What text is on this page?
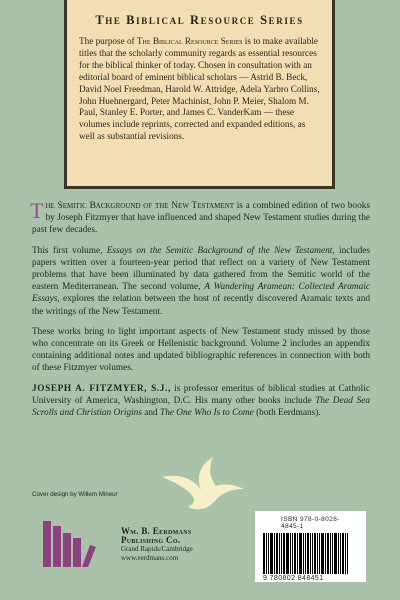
The Biblical Resource Series

The purpose of The Biblical Resource Series is to make available titles that the scholarly community regards as essential resources for the biblical thinker of today. Chosen in consultation with an editorial board of eminent biblical scholars — Astrid B. Beck, David Noel Freedman, Harold W. Attridge, Adela Yarbro Collins, John Huehnergard, Peter Machinist, John P. Meier, Shalom M. Paul, Stanley E. Porter, and James C. VanderKam — these volumes include reprints, corrected and expanded editions, as well as substantial revisions.

The Semitic Background of the New Testament is a combined edition of two books by Joseph Fitzmyer that have influenced and shaped New Testament studies during the past few decades.

This first volume, Essays on the Semitic Background of the New Testament, includes papers written over a fourteen-year period that reflect on a variety of New Testament problems that have been illuminated by data gathered from the Semitic world of the eastern Mediterranean. The second volume, A Wandering Aramean: Collected Aramaic Essays, explores the relation between the host of recently discovered Aramaic texts and the writings of the New Testament.

These works bring to light important aspects of New Testament study missed by those who concentrate on its Greek or Hellenistic background. Volume 2 includes an appendix containing additional notes and updated bibliographic references in connection with both of these Fitzmyer volumes.

JOSEPH A. FITZMYER, S.J., is professor emeritus of biblical studies at Catholic University of America, Washington, D.C. His many other books include The Dead Sea Scrolls and Christian Origins and The One Who Is to Come (both Eerdmans).

Cover design by Willem Mineur
Wm. B. Eerdmans
Publishing Co.
Grand Rapids/Cambridge
www.eerdmans.com
ISBN 978-0-8028-4845-1
9 780802 848451
